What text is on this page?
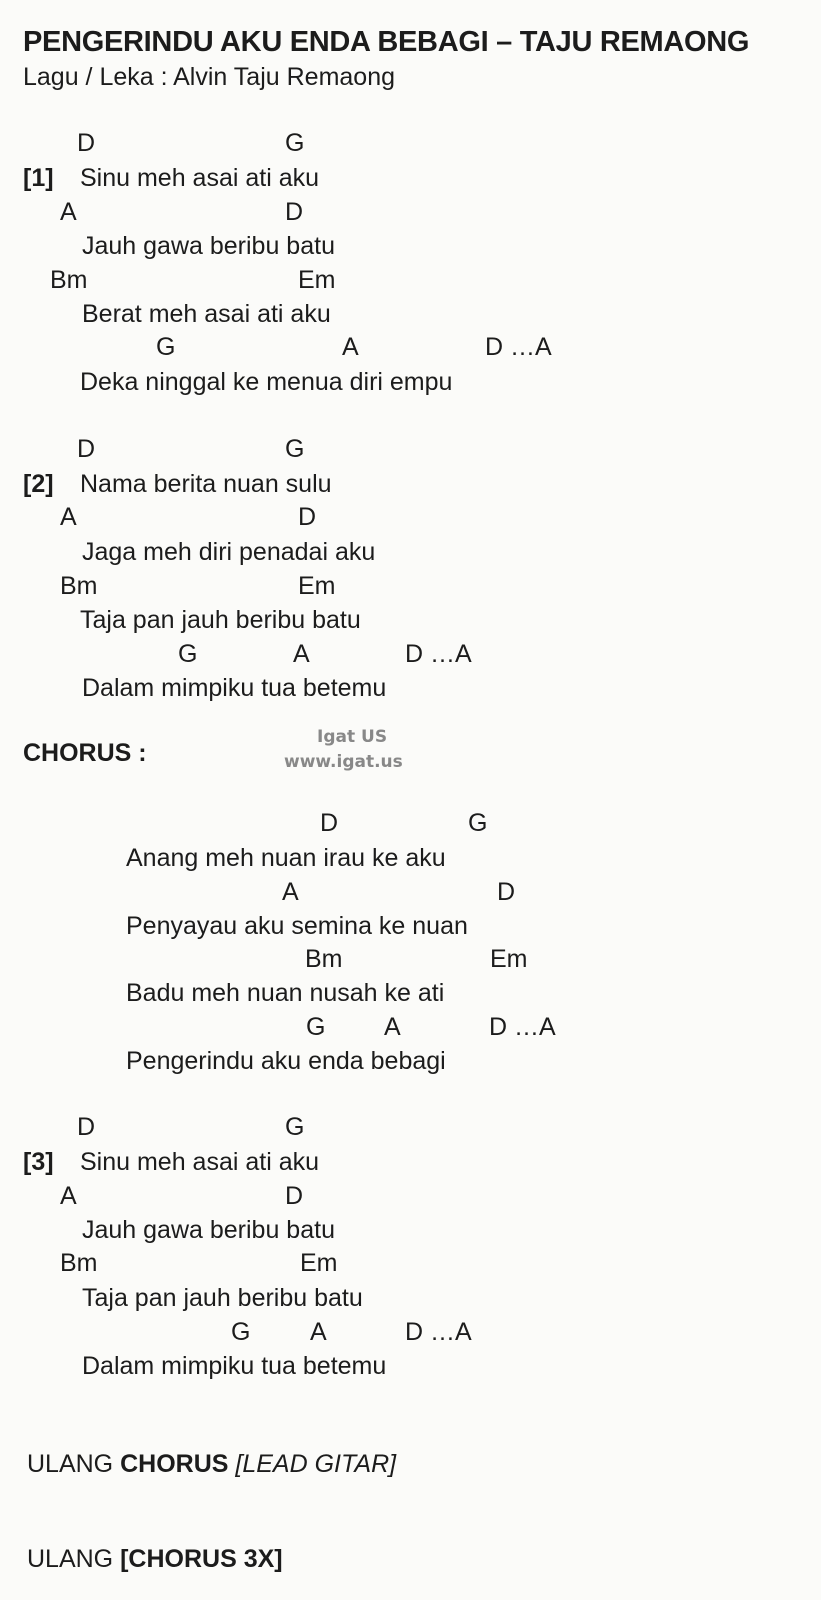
PENGERINDU AKU ENDA BEBAGI – TAJU REMAONG
Lagu / Leka : Alvin Taju Remaong
D	G
[1] Sinu meh asai ati aku
A	D
Jauh gawa beribu batu
Bm	Em
Berat meh asai ati aku
G	A	D …A
Deka ninggal ke menua diri empu
D	G
[2] Nama berita nuan sulu
A	D
Jaga meh diri penadai aku
Bm	Em
Taja pan jauh beribu batu
G	A	D …A
Dalam mimpiku tua betemu
CHORUS :
Igat US
www.igat.us
D	G
Anang meh nuan irau ke aku
A	D
Penyayau aku semina ke nuan
Bm	Em
Badu meh nuan nusah ke ati
G A	D …A
Pengerindu aku enda bebagi
D	G
[3] Sinu meh asai ati aku
A	D
Jauh gawa beribu batu
Bm	Em
Taja pan jauh beribu batu
G A	D …A
Dalam mimpiku tua betemu
ULANG CHORUS [LEAD GITAR]
ULANG [CHORUS 3X]
